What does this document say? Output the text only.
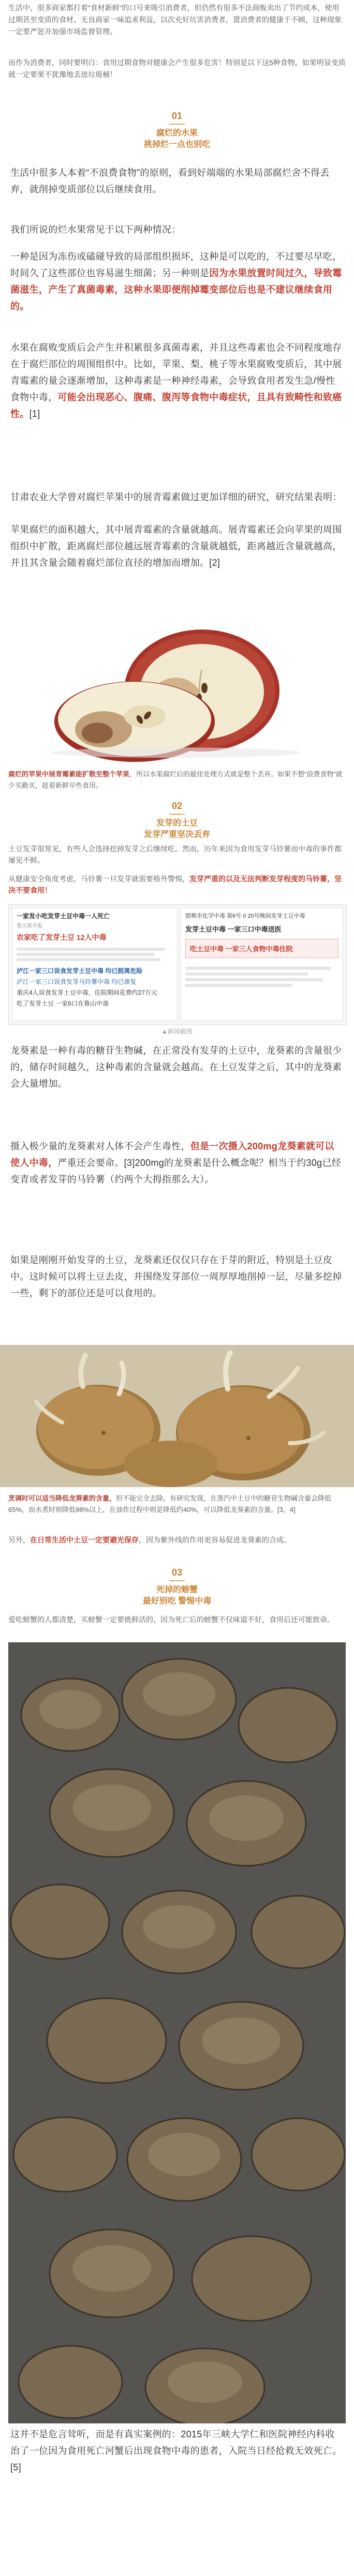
生活中，很多商家都打着“食材新鲜”的口号来吸引消费者，但仍然有很多不法商贩卖出了节约成本，使用过期甚至变质的食材。无良商家一味追求利益，以次充好坑害消费者，置消费者的健康于不顾，这种现象一定要严惩并加强市场监督管理。

而作为消费者，同时要明白：食用过期食物对健康会产生很多危害！特别是以下这5种食物，如果明显变质就一定要果不犹豫地丢进垃圾桶！

01
腐烂的水果
挑掉烂一点也别吃

生活中很多人本着“不浪费食物”的原则，看到好端端的水果局部腐烂舍不得丢弃，就削掉变质部位以后继续食用。

我们所说的烂水果常见于以下两种情况：

一种是因为冻伤或磕碰导致的局部组织损坏，这种是可以吃的，不过要尽早吃，时间久了这些部位也容易滋生细菌；另一种则是因为水果放置时间过久，导致霉菌滋生，产生了真菌毒素，这种水果即便削掉霉变部位后也是不建议继续食用的。

水果在腐败变质后会产生并积累很多真菌毒素，并且这些毒素也会不同程度地存在于腐烂部位的周围组织中。比如，苹果、梨、桃子等水果腐败变质后，其中展青霉素的量会逐渐增加，这种毒素是一种神经毒素，会导致食用者发生急/慢性食物中毒，可能会出现恶心、腹痛、腹泻等食物中毒症状，且具有致畸性和致癌性。[1]

甘肃农业大学曾对腐烂苹果中的展青霉素做过更加详细的研究，研究结果表明：

苹果腐烂的面积越大，其中展青霉素的含量就越高。展青霉素还会向苹果的周围组织中扩散，距离腐烂部位越远展青霉素的含量就越低，距离越近含量就越高，并且其含量会随着腐烂部位直径的增加而增加。[2]

腐烂的苹果中展青霉素能扩散至整个苹果，所以水果腐烂后的最佳处理方式就是整个丢弃。如果不想“浪费食物”就少买勤买，趁着新鲜早些食用。

02
发芽的土豆
发芽严重坚决丢弃

土豆发芽很常见，有些人会选择挖掉发芽之后继续吃。然而，历年来因为食用发芽马铃薯而中毒的事件都屡见不鲜。

从健康安全角度考虑，马铃薯一旦发芽就需要格外警惕，发芽严重的以及无法判断发芽程度的马铃薯，坚决不要食用！

一家发小吃发芽土豆中毒一人死亡
楚天都市报
农家吃了发芽土豆 12人中毒
泸江一家三口误食发芽土豆中毒 均已脱离危险
泸江一家三口误食发芽马铃薯中毒 均已康复
重庆4人误食发芽土豆中毒，住院期间花费约27万元
吃了发芽土豆 一家6口在鲁山中毒
邯郸市化学中毒 第6号 0 20号晚间发芽土豆中毒
发芽土豆中毒 一家三口中毒送医
吃土豆中毒 一家三人食物中毒住院
▲新闻截图

龙葵素是一种有毒的糖苷生物碱，在正常没有发芽的土豆中，龙葵素的含量很少的，储存时间越久，这种毒素的含量就会越高。在土豆发芽之后，其中的龙葵素会大量增加。

摄入极少量的龙葵素对人体不会产生毒性，但是一次摄入200mg龙葵素就可以使人中毒，严重还会要命。[3]200mg的龙葵素是什么概念呢？相当于约30g已经变青或者发芽的马铃薯（约两个大拇指那么大）。

如果是刚刚开始发芽的土豆，龙葵素还仅仅只存在于芽的附近，特别是土豆皮中。这时候可以将土豆去皮，并围绕发芽部位一周厚厚地削掉一层，尽量多挖掉一些，剩下的部位还是可以食用的。

烹调时可以适当降低龙葵素的含量，但不能完全去除。有研究发现，在蒸汽中土豆中的糖苷生物碱含量会降低65%，而水煮时则降低98%以上，在油炸过程中则是降低约40%，可以降低龙葵素的含量。[3，4]

另外，在日常生活中土豆一定要避光保存，因为紫外线的作用更容易促进龙葵素的合成。

03
死掉的螃蟹
最好别吃 警惕中毒

爱吃螃蟹的人都清楚，买螃蟹一定要挑鲜活的，因为死亡后的螃蟹不仅味道不好，食用后还可能致命。

这并不是危言耸听，而是有真实案例的：2015年三峡大学仁和医院神经内科收治了一位因为食用死亡河蟹后出现食物中毒的患者，入院当日经抢救无效死亡。[5]
